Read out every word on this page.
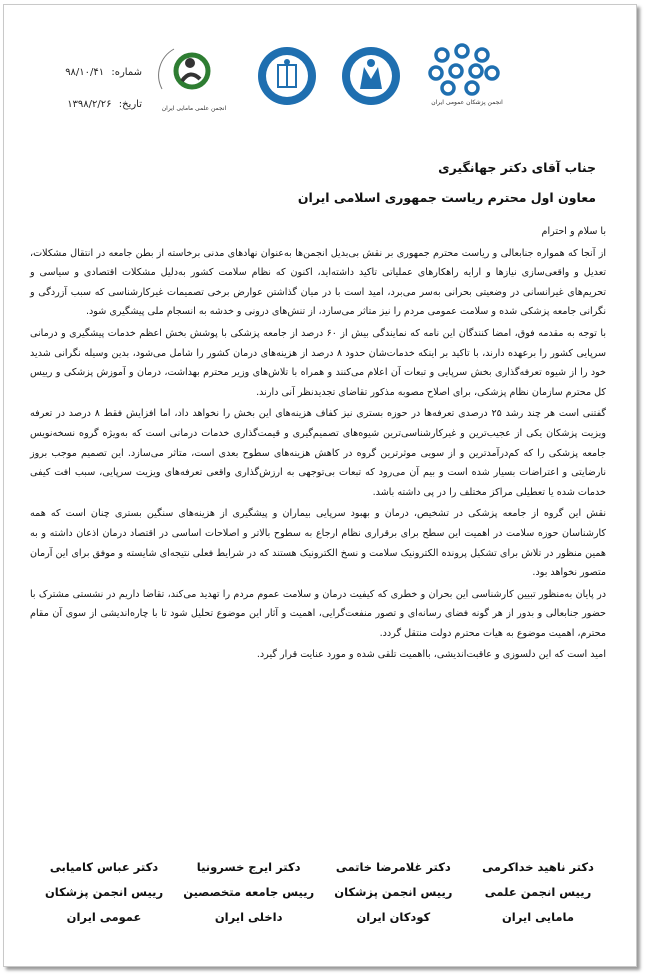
شماره: ۹۸/۱۰/۴۱
تاریخ: ۱۳۹۸/۲/۲۶	انجمن علمی مامایی ایران
انجمن پزشکان عمومی ایران
جناب آقای دکتر جهانگیری
معاون اول محترم ریاست جمهوری اسلامی ایران

با سلام و احترام

از آنجا که همواره جنابعالی و ریاست محترم جمهوری بر نقش بی‌بدیل انجمن‌ها به‌عنوان نهادهای مدنی برخاسته از بطن جامعه در انتقال مشکلات، تعدیل و واقعی‌سازی نیازها و ارایه راهکارهای عملیاتی تاکید داشته‌اید، اکنون که نظام سلامت کشور به‌دلیل مشکلات اقتصادی و سیاسی و تحریم‌های غیرانسانی در وضعیتی بحرانی به‌سر می‌برد، امید است با در میان گذاشتن عوارض برخی تصمیمات غیرکارشناسی که سبب آزردگی و نگرانی جامعه پزشکی شده و سلامت عمومی مردم را نیز متاثر می‌سازد، از تنش‌های درونی و خدشه به انسجام ملی پیشگیری شود.

با توجه به مقدمه فوق، امضا کنندگان این نامه که نمایندگی بیش از ۶۰ درصد از جامعه پزشکی با پوشش بخش اعظم خدمات پیشگیری و درمانی سرپایی کشور را برعهده دارند، با تاکید بر اینکه خدمات‌شان حدود ۸ درصد از هزینه‌های درمان کشور را شامل می‌شود، بدین وسیله نگرانی شدید خود را از شیوه تعرفه‌گذاری بخش سرپایی و تبعات آن اعلام می‌کنند و همراه با تلاش‌های وزیر محترم بهداشت، درمان و آموزش پزشکی و رییس کل محترم سازمان نظام پزشکی، برای اصلاح مصوبه مذکور تقاضای تجدیدنظر آنی دارند.

گفتنی است هر چند رشد ۲۵ درصدی تعرفه‌ها در حوزه بستری نیز کفاف هزینه‌های این بخش را نخواهد داد، اما افزایش فقط ۸ درصد در تعرفه ویزیت پزشکان یکی از عجیب‌ترین و غیرکارشناسی‌ترین شیوه‌های تصمیم‌گیری و قیمت‌گذاری خدمات درمانی است که به‌ویژه گروه نسخه‌نویس جامعه پزشکی را که کم‌درآمدترین و از سویی موثرترین گروه در کاهش هزینه‌های سطوح بعدی است، متاثر می‌سازد. این تصمیم موجب بروز نارضایتی و اعتراضات بسیار شده است و بیم آن می‌رود که تبعات بی‌توجهی به ارزش‌گذاری واقعی تعرفه‌های ویزیت سرپایی، سبب افت کیفی خدمات شده یا تعطیلی مراکز مختلف را در پی داشته باشد.

نقش این گروه از جامعه پزشکی در تشخیص، درمان و بهبود سرپایی بیماران و پیشگیری از هزینه‌های سنگین بستری چنان است که همه کارشناسان حوزه سلامت در اهمیت این سطح برای برقراری نظام ارجاع به سطوح بالاتر و اصلاحات اساسی در اقتصاد درمان اذعان داشته و به همین منظور در تلاش برای تشکیل پرونده الکترونیک سلامت و نسخ الکترونیک هستند که در شرایط فعلی نتیجه‌ای شایسته و موفق برای این آرمان متصور نخواهد بود.

در پایان به‌منظور تبیین کارشناسی این بحران و خطری که کیفیت درمان و سلامت عموم مردم را تهدید می‌کند، تقاضا داریم در نشستی مشترک با حضور جنابعالی و بدور از هر گونه فضای رسانه‌ای و تصور منفعت‌گرایی، اهمیت و آثار این موضوع تحلیل شود تا با چاره‌اندیشی از سوی آن مقام محترم، اهمیت موضوع به هیات محترم دولت منتقل گردد.

امید است که این دلسوزی و عاقبت‌اندیشی، بااهمیت تلقی شده و مورد عنایت قرار گیرد.

دکتر عباس کامیابی
رییس انجمن پزشکان
عمومی ایران
دکتر ایرج خسرونیا
رییس جامعه متخصصین
داخلی ایران
دکتر غلامرضا خاتمی
رییس انجمن پزشکان
کودکان ایران
دکتر ناهید خداکرمی
رییس انجمن علمی
مامایی ایران
